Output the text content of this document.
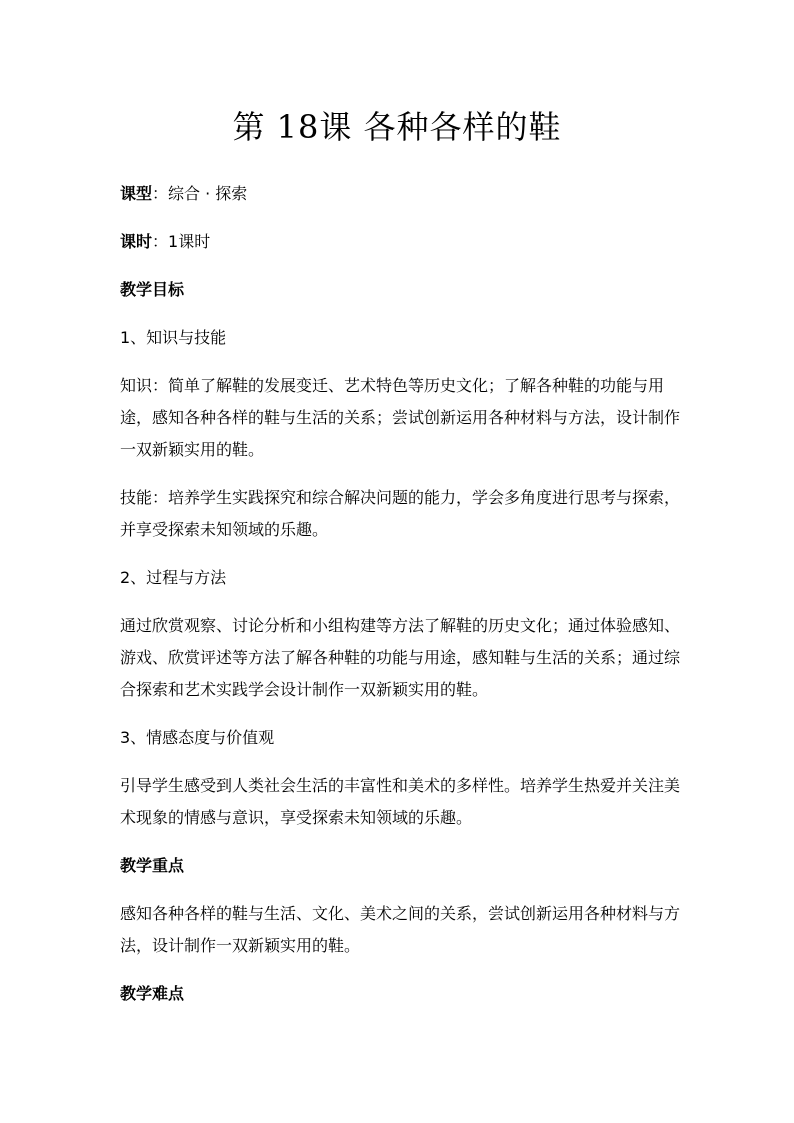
第 18课 各种各样的鞋

课型：综合 · 探索

课时：1课时

教学目标

1、知识与技能

知识：简单了解鞋的发展变迁、艺术特色等历史文化；了解各种鞋的功能与用途，感知各种各样的鞋与生活的关系；尝试创新运用各种材料与方法，设计制作一双新颖实用的鞋。

技能：培养学生实践探究和综合解决问题的能力，学会多角度进行思考与探索，并享受探索未知领域的乐趣。

2、过程与方法

通过欣赏观察、讨论分析和小组构建等方法了解鞋的历史文化；通过体验感知、游戏、欣赏评述等方法了解各种鞋的功能与用途，感知鞋与生活的关系；通过综合探索和艺术实践学会设计制作一双新颖实用的鞋。

3、情感态度与价值观

引导学生感受到人类社会生活的丰富性和美术的多样性。培养学生热爱并关注美术现象的情感与意识，享受探索未知领域的乐趣。

教学重点

感知各种各样的鞋与生活、文化、美术之间的关系，尝试创新运用各种材料与方法，设计制作一双新颖实用的鞋。

教学难点
